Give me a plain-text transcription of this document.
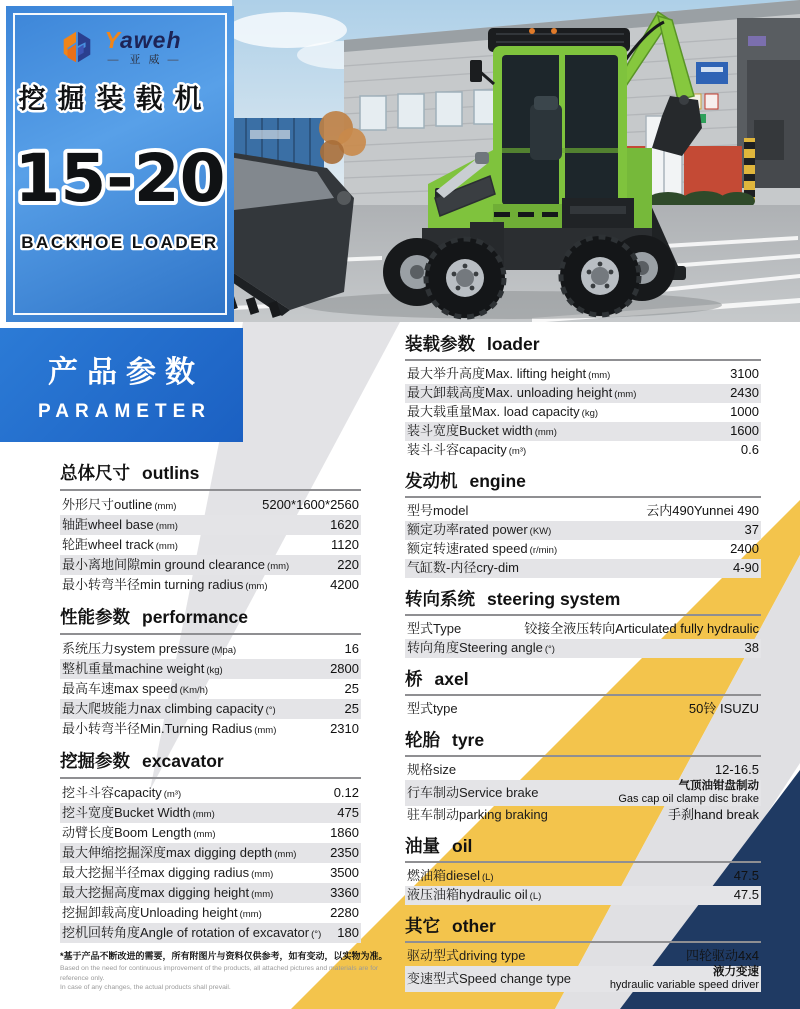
Yaweh
— 亚威—
挖掘装载机
15-20
BACKHOE LOADER
产品参数
PARAMETER
总体尺寸 outlins
外形尺寸outline (mm)	5200*1600*2560
轴距wheel base (mm)	1620
轮距wheel track (mm)	1120
最小离地间隙min ground clearance (mm)	220
最小转弯半径min turning radius (mm)	4200
性能参数 performance
系统压力system pressure (Mpa)	16
整机重量machine weight (kg)	2800
最高车速max speed (Km/h)	25
最大爬坡能力nax climbing capacity (°)	25
最小转弯半径Min.Turning Radius (mm)	2310
挖掘参数 excavator
挖斗斗容capacity (m³)	0.12
挖斗宽度Bucket Width (mm)	475
动臂长度Boom Length (mm)	1860
最大伸缩挖掘深度max digging depth (mm)	2350
最大挖掘半径max digging radius (mm)	3500
最大挖掘高度max digging height (mm)	3360
挖掘卸载高度Unloading height (mm)	2280
挖机回转角度Angle of rotation of excavator (°)	180
装载参数 loader
最大举升高度Max. lifting height (mm)	3100
最大卸载高度Max. unloading height (mm)	2430
最大载重量Max. load capacity (kg)	1000
装斗宽度Bucket width (mm)	1600
装斗斗容capacity (m³)	0.6
发动机 engine
型号model	云内490Yunnei 490
额定功率rated power (KW)	37
额定转速rated speed (r/min)	2400
气缸数-内径cry-dim	4-90
转向系统 steering system
型式Type	铰接全液压转向Articulated fully hydraulic
转向角度Steering angle (°)	38
桥 axel
型式type	50铃 ISUZU
轮胎 tyre
规格size	12-16.5
行车制动Service brake	气顶油钳盘制动
Gas cap oil clamp disc brake
驻车制动parking braking	手刹hand break
油量 oil
燃油箱diesel (L)	47.5
液压油箱hydraulic oil (L)	47.5
其它 other
驱动型式driving type	四轮驱动4x4
变速型式Speed change type	液力变速
hydraulic variable speed driver
*基于产品不断改进的需要，所有附图片与资料仅供参考，如有变动，以实物为准。
Based on the need for continuous improvement of the products, all attached pictures and materials are for reference only.
In case of any changes, the actual products shall prevail.
